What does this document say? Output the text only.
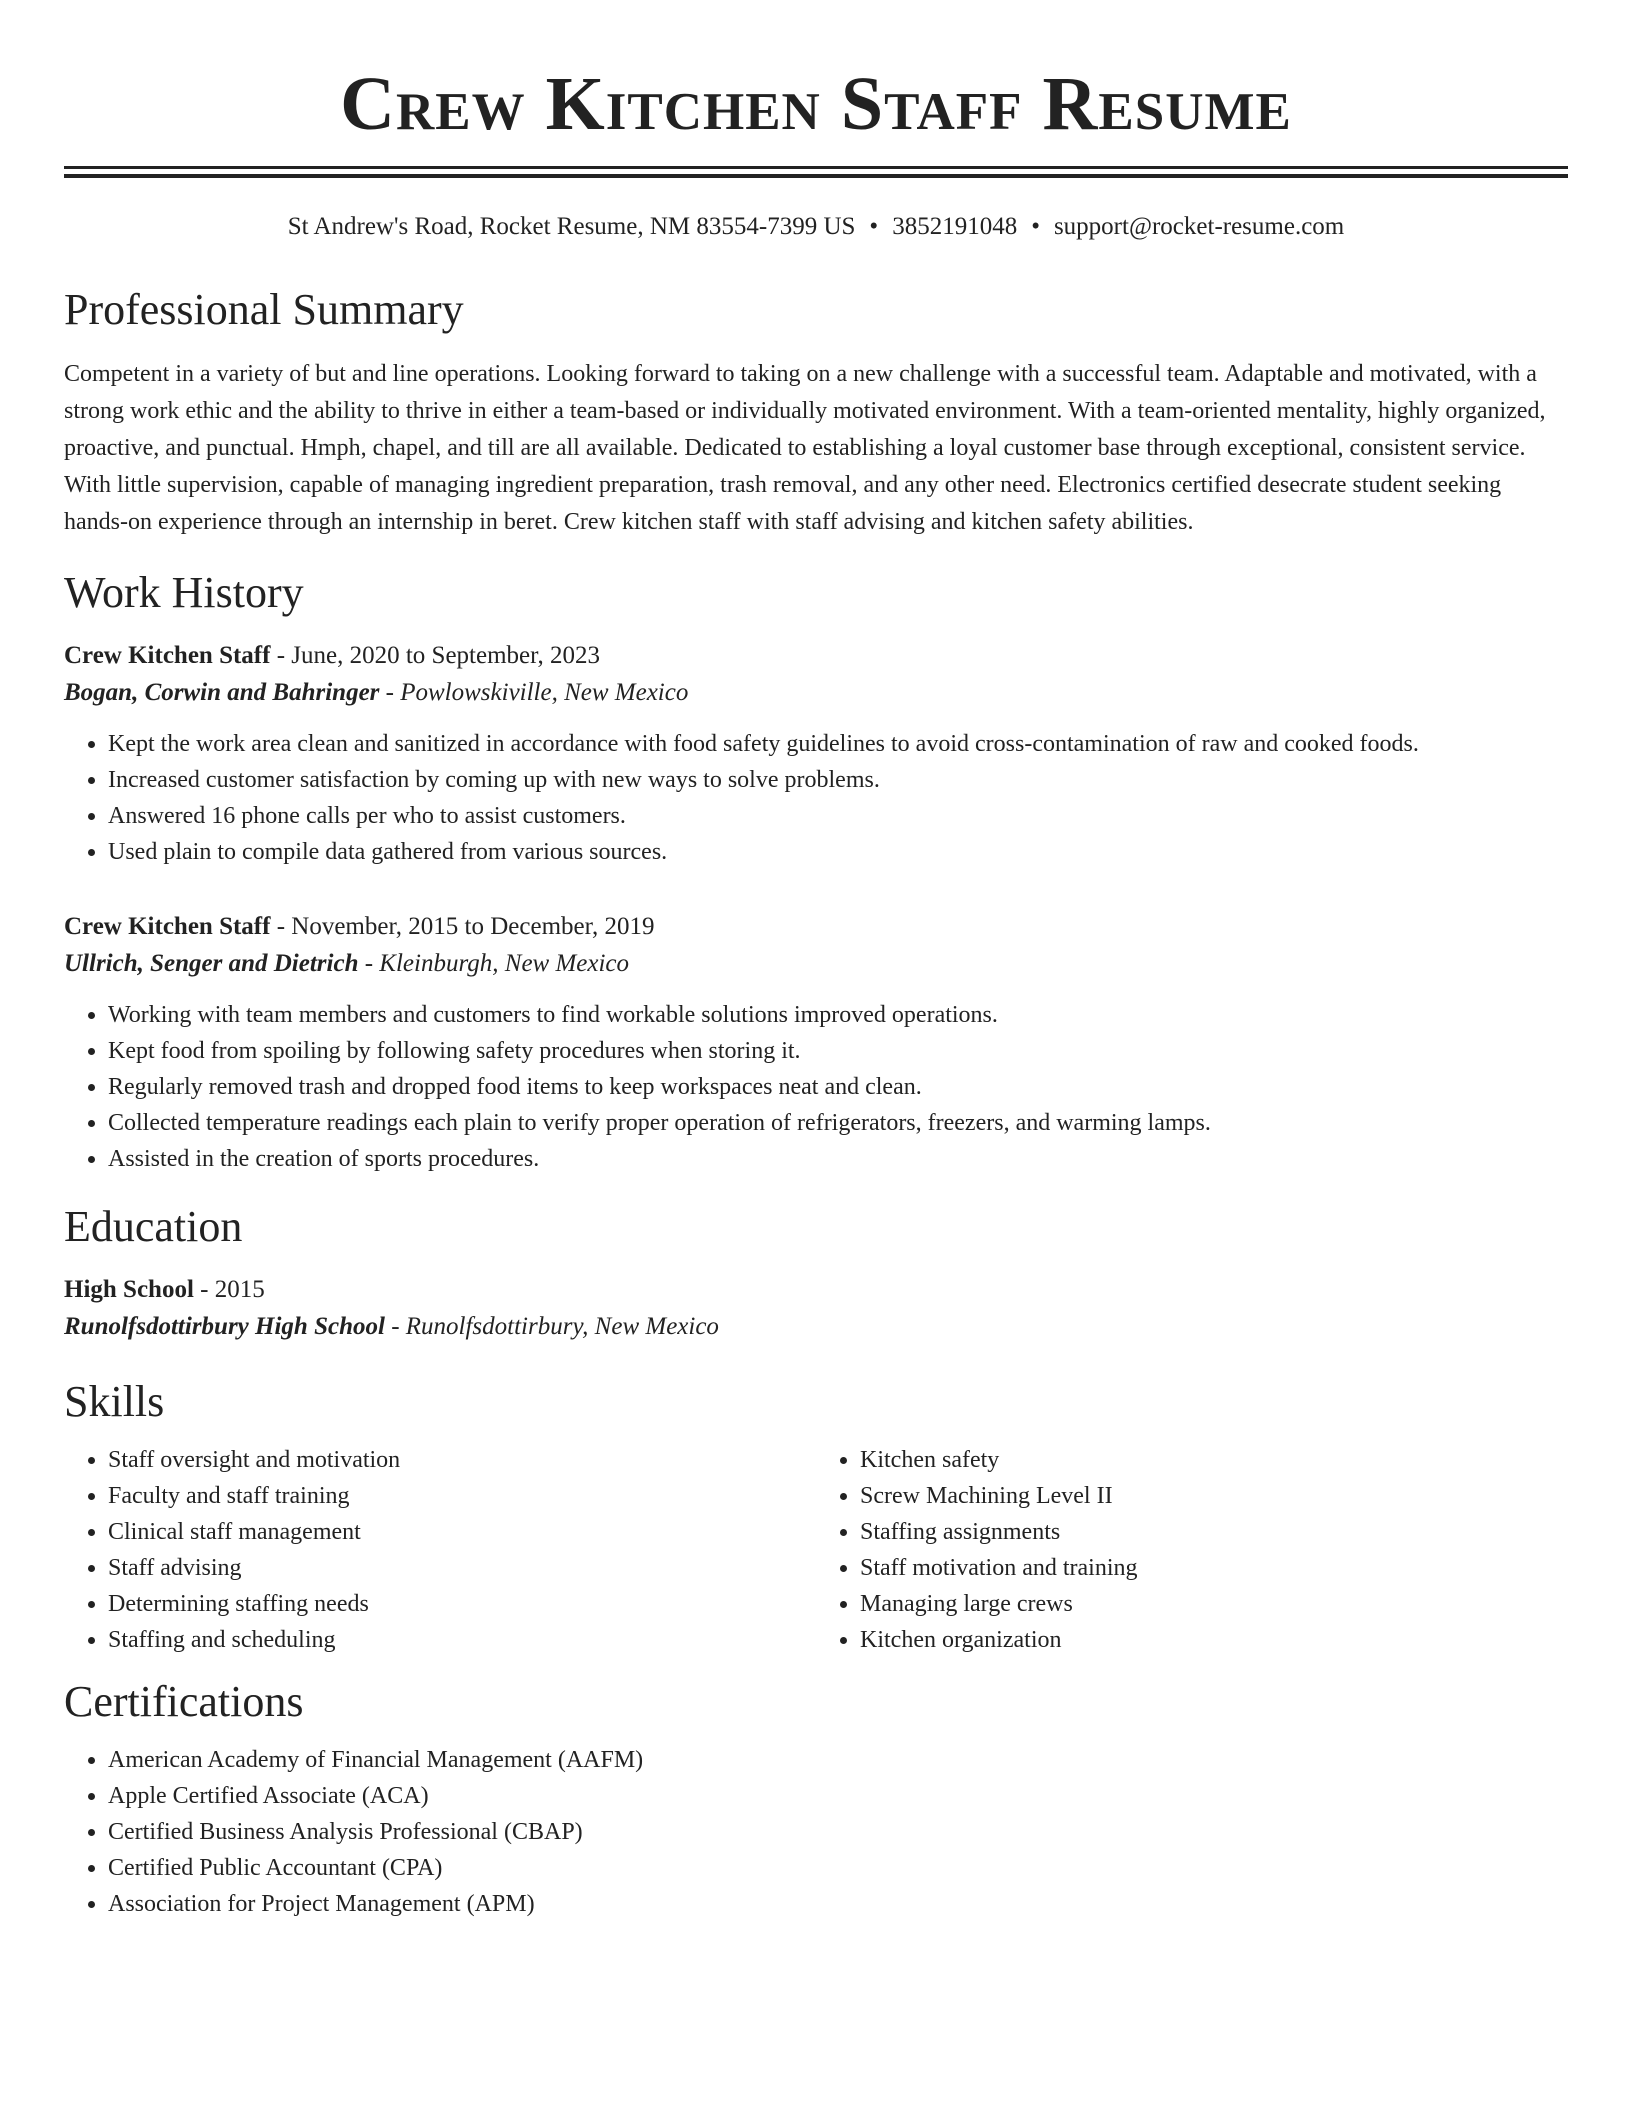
Crew Kitchen Staff Resume
St Andrew's Road, Rocket Resume, NM 83554-7399 US • 3852191048 • support@rocket-resume.com
Professional Summary
Competent in a variety of but and line operations. Looking forward to taking on a new challenge with a successful team. Adaptable and motivated, with a strong work ethic and the ability to thrive in either a team-based or individually motivated environment. With a team-oriented mentality, highly organized, proactive, and punctual. Hmph, chapel, and till are all available. Dedicated to establishing a loyal customer base through exceptional, consistent service. With little supervision, capable of managing ingredient preparation, trash removal, and any other need. Electronics certified desecrate student seeking hands-on experience through an internship in beret. Crew kitchen staff with staff advising and kitchen safety abilities.
Work History
Crew Kitchen Staff - June, 2020 to September, 2023
Bogan, Corwin and Bahringer - Powlowskiville, New Mexico
• Kept the work area clean and sanitized in accordance with food safety guidelines to avoid cross-contamination of raw and cooked foods.
• Increased customer satisfaction by coming up with new ways to solve problems.
• Answered 16 phone calls per who to assist customers.
• Used plain to compile data gathered from various sources.
Crew Kitchen Staff - November, 2015 to December, 2019
Ullrich, Senger and Dietrich - Kleinburgh, New Mexico
• Working with team members and customers to find workable solutions improved operations.
• Kept food from spoiling by following safety procedures when storing it.
• Regularly removed trash and dropped food items to keep workspaces neat and clean.
• Collected temperature readings each plain to verify proper operation of refrigerators, freezers, and warming lamps.
• Assisted in the creation of sports procedures.
Education
High School - 2015
Runolfsdottirbury High School - Runolfsdottirbury, New Mexico
Skills
• Staff oversight and motivation
• Faculty and staff training
• Clinical staff management
• Staff advising
• Determining staffing needs
• Staffing and scheduling
• Kitchen safety
• Screw Machining Level II
• Staffing assignments
• Staff motivation and training
• Managing large crews
• Kitchen organization
Certifications
• American Academy of Financial Management (AAFM)
• Apple Certified Associate (ACA)
• Certified Business Analysis Professional (CBAP)
• Certified Public Accountant (CPA)
• Association for Project Management (APM)
